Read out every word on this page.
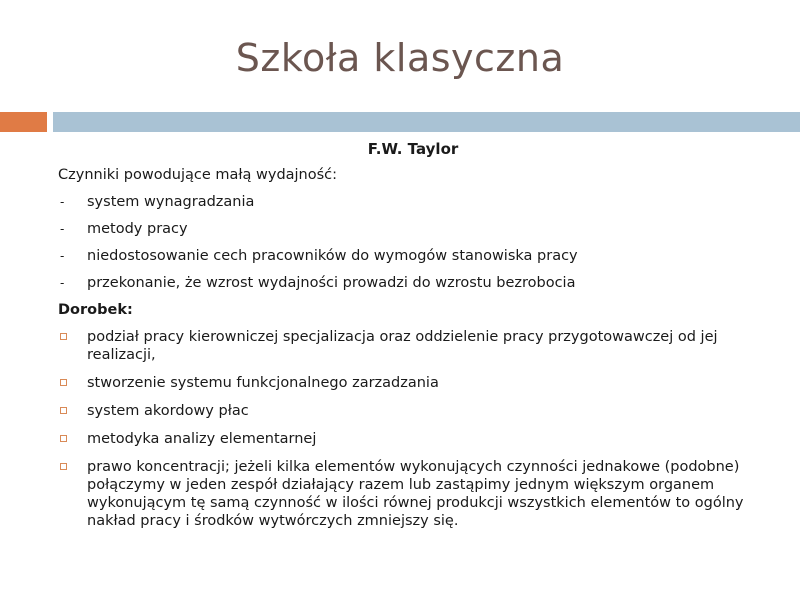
Szkoła klasyczna
F.W. Taylor
Czynniki powodujące małą wydajność:
- system wynagradzania
- metody pracy
- niedostosowanie cech pracowników do wymogów stanowiska pracy
- przekonanie, że wzrost wydajności prowadzi do wzrostu bezrobocia
Dorobek:
podział pracy kierowniczej specjalizacja oraz oddzielenie pracy przygotowawczej od jej realizacji,
stworzenie systemu funkcjonalnego zarzadzania
system akordowy płac
metodyka analizy elementarnej
prawo koncentracji; jeżeli kilka elementów wykonujących czynności jednakowe (podobne) połączymy w jeden zespół działający razem lub zastąpimy jednym większym organem wykonującym tę samą czynność w ilości równej produkcji wszystkich elementów to ogólny nakład pracy i środków wytwórczych zmniejszy się.
